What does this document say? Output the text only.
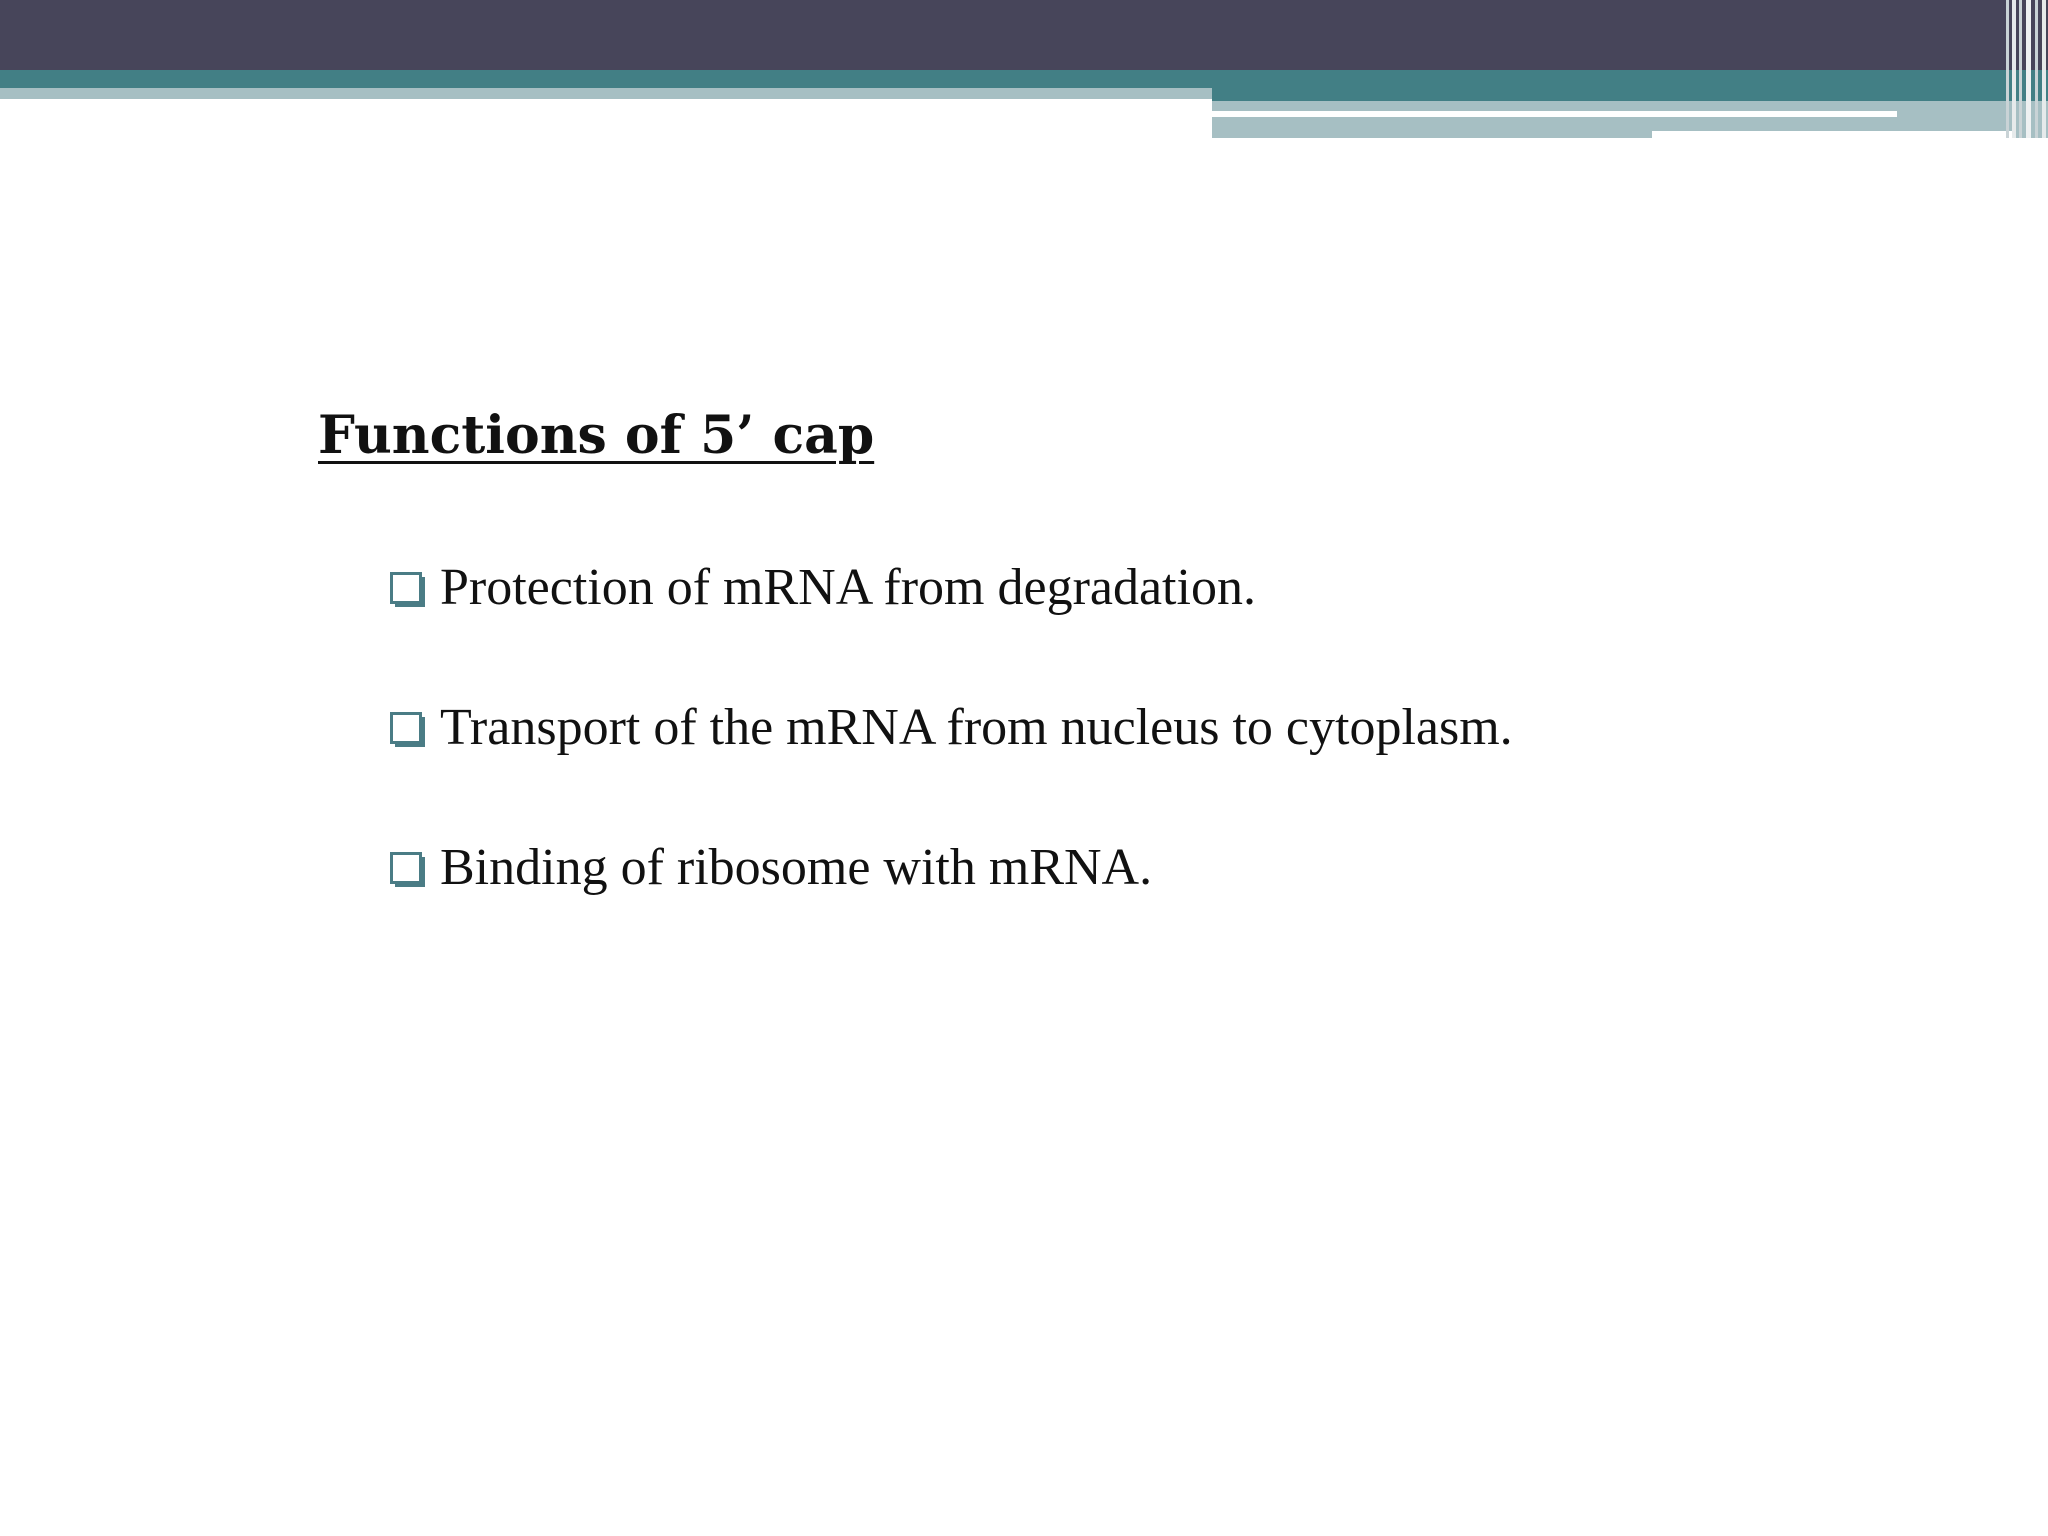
Functions of 5’ cap
Protection of mRNA from degradation.
Transport of the mRNA from nucleus to cytoplasm.
Binding of ribosome with mRNA.
